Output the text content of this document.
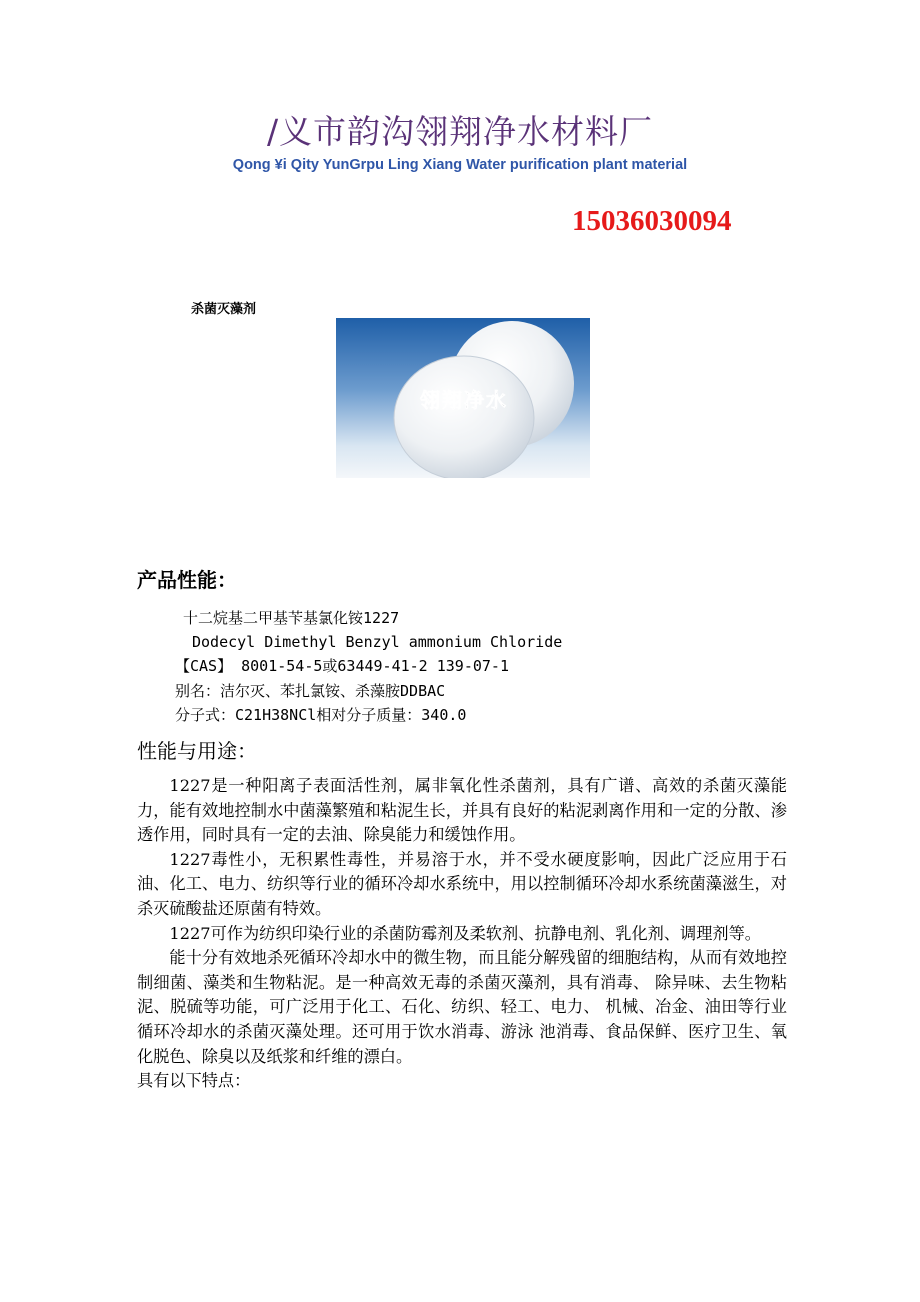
/义市韵沟翎翔净水材料厂
Qong ¥i Qity YunGrpu Ling Xiang Water purification plant material
15036030094
杀菌灭藻剂
翎翔净水
产品性能：
十二烷基二甲基苄基氯化铵1227
Dodecyl Dimethyl Benzyl ammonium Chloride
【CAS】 8001-54-5或63449-41-2 139-07-1
别名：洁尔灭、苯扎氯铵、杀藻胺DDBAC
分子式：C21H38NCl相对分子质量：340.0
性能与用途：

1227是一种阳离子表面活性剂，属非氧化性杀菌剂，具有广谱、高效的杀菌灭藻能力，能有效地控制水中菌藻繁殖和粘泥生长，并具有良好的粘泥剥离作用和一定的分散、渗透作用，同时具有一定的去油、除臭能力和缓蚀作用。

1227毒性小，无积累性毒性，并易溶于水，并不受水硬度影响，因此广泛应用于石油、化工、电力、纺织等行业的循环冷却水系统中，用以控制循环冷却水系统菌藻滋生，对杀灭硫酸盐还原菌有特效。

1227可作为纺织印染行业的杀菌防霉剂及柔软剂、抗静电剂、乳化剂、调理剂等。

能十分有效地杀死循环冷却水中的微生物，而且能分解残留的细胞结构，从而有效地控制细菌、藻类和生物粘泥。是一种高效无毒的杀菌灭藻剂，具有消毒、 除异味、去生物粘泥、脱硫等功能，可广泛用于化工、石化、纺织、轻工、电力、 机械、冶金、油田等行业循环冷却水的杀菌灭藻处理。还可用于饮水消毒、游泳 池消毒、食品保鲜、医疗卫生、氧化脱色、除臭以及纸浆和纤维的漂白。

具有以下特点：
